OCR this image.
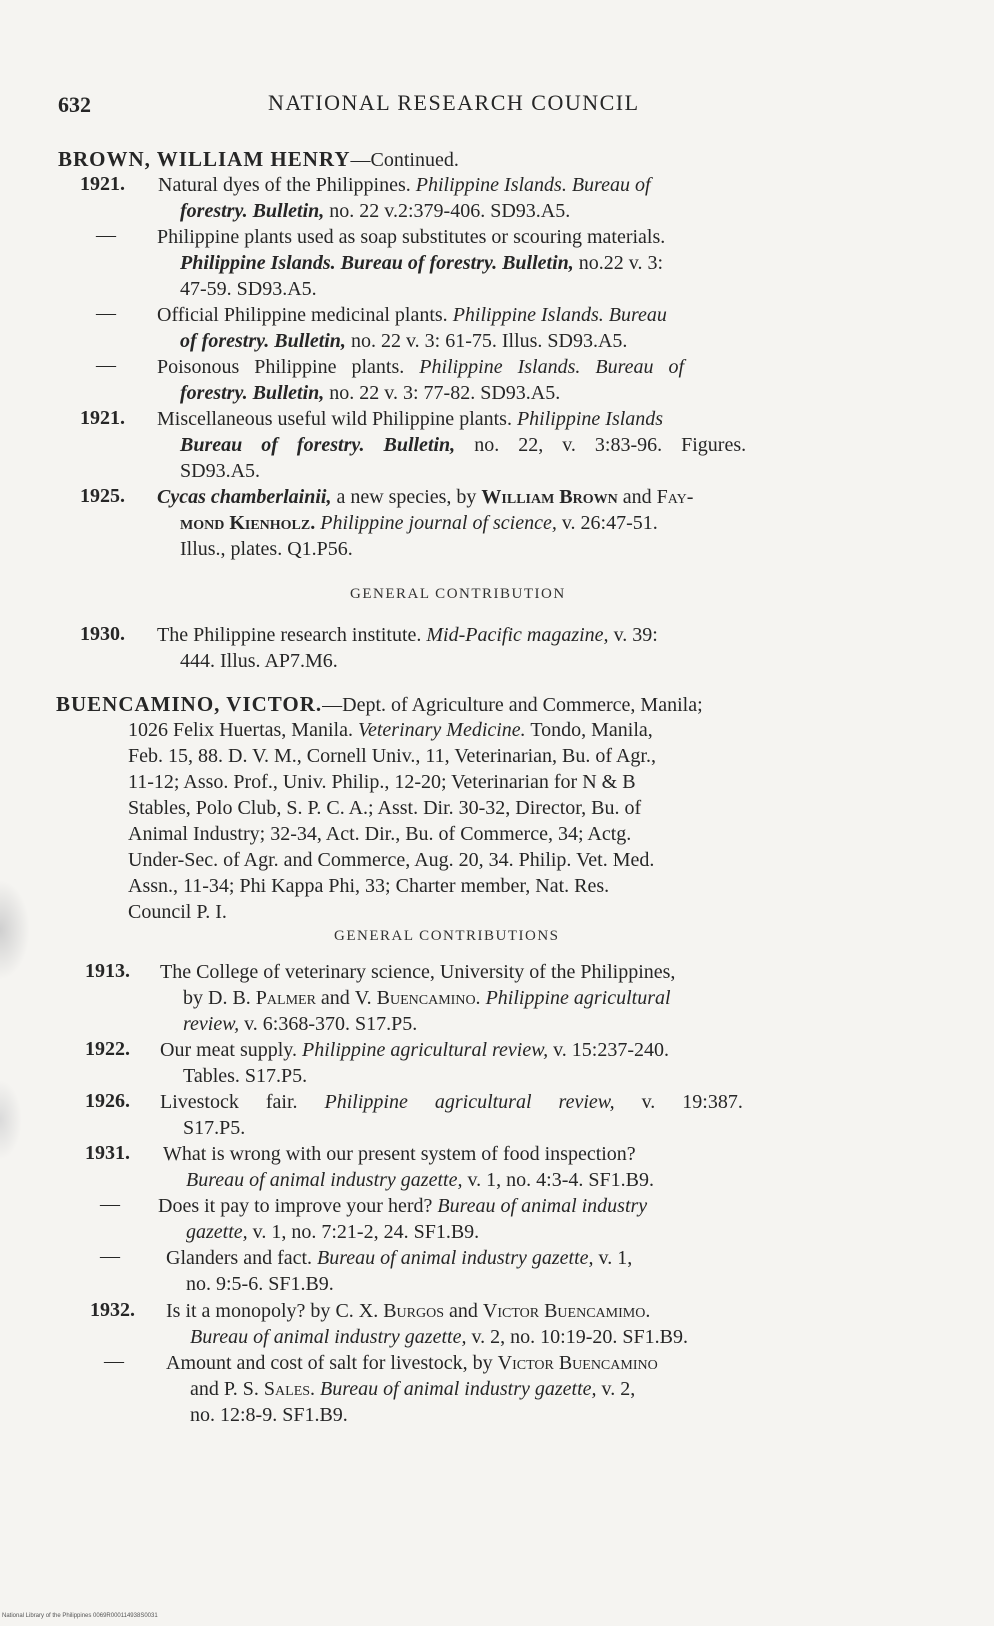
632	NATIONAL RESEARCH COUNCIL
BROWN, WILLIAM HENRY—Continued.
1921. Natural dyes of the Philippines. Philippine Islands. Bureau of
forestry. Bulletin, no. 22 v.2:379-406. SD93.A5.
— Philippine plants used as soap substitutes or scouring materials.
Philippine Islands. Bureau of forestry. Bulletin, no.22 v. 3:
47-59. SD93.A5.
— Official Philippine medicinal plants. Philippine Islands. Bureau
of forestry. Bulletin, no. 22 v. 3: 61-75. Illus. SD93.A5.
— Poisonous Philippine plants. Philippine Islands. Bureau of
forestry. Bulletin, no. 22 v. 3: 77-82. SD93.A5.
1921. Miscellaneous useful wild Philippine plants. Philippine Islands
Bureau of forestry. Bulletin, no. 22, v. 3:83-96. Figures.
SD93.A5.
1925. Cycas chamberlainii, a new species, by William Brown and Fay-
mond Kienholz. Philippine journal of science, v. 26:47-51.
Illus., plates. Q1.P56.
GENERAL CONTRIBUTION
1930. The Philippine research institute. Mid-Pacific magazine, v. 39:
444. Illus. AP7.M6.
BUENCAMINO, VICTOR.—Dept. of Agriculture and Commerce, Manila;
1026 Felix Huertas, Manila. Veterinary Medicine. Tondo, Manila,
Feb. 15, 88. D. V. M., Cornell Univ., 11, Veterinarian, Bu. of Agr.,
11-12; Asso. Prof., Univ. Philip., 12-20; Veterinarian for N & B
Stables, Polo Club, S. P. C. A.; Asst. Dir. 30-32, Director, Bu. of
Animal Industry; 32-34, Act. Dir., Bu. of Commerce, 34; Actg.
Under-Sec. of Agr. and Commerce, Aug. 20, 34. Philip. Vet. Med.
Assn., 11-34; Phi Kappa Phi, 33; Charter member, Nat. Res.
Council P. I.
GENERAL CONTRIBUTIONS
1913. The College of veterinary science, University of the Philippines,
by D. B. Palmer and V. Buencamino. Philippine agricultural
review, v. 6:368-370. S17.P5.
1922. Our meat supply. Philippine agricultural review, v. 15:237-240.
Tables. S17.P5.
1926. Livestock fair. Philippine agricultural review, v. 19:387.
S17.P5.
1931. What is wrong with our present system of food inspection?
Bureau of animal industry gazette, v. 1, no. 4:3-4. SF1.B9.
— Does it pay to improve your herd? Bureau of animal industry
gazette, v. 1, no. 7:21-2, 24. SF1.B9.
— Glanders and fact. Bureau of animal industry gazette, v. 1,
no. 9:5-6. SF1.B9.
1932. Is it a monopoly? by C. X. Burgos and Victor Buencamimo.
Bureau of animal industry gazette, v. 2, no. 10:19-20. SF1.B9.
— Amount and cost of salt for livestock, by Victor Buencamino
and P. S. Sales. Bureau of animal industry gazette, v. 2,
no. 12:8-9. SF1.B9.
National Library of the Philippines 0069R000114938S0031
